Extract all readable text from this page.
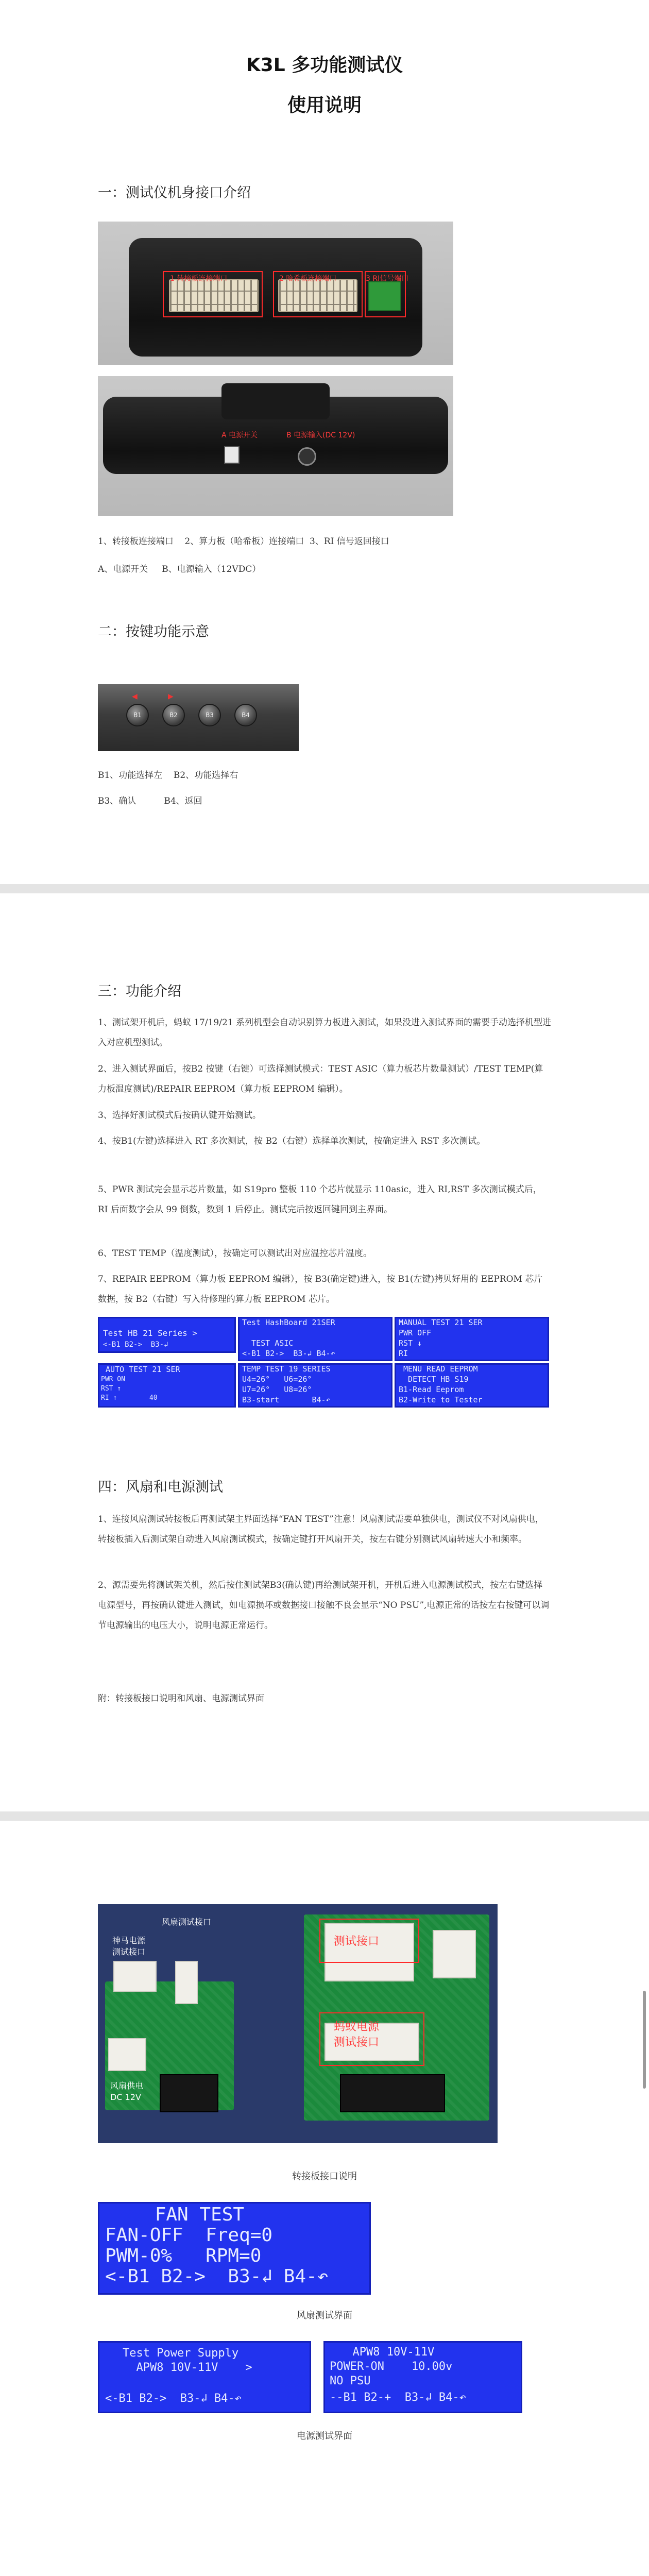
K3L 多功能测试仪
使用说明
一：测试仪机身接口介绍
1 转接板连接端口	2 哈希板连接端口	3 RI信号端口
A 电源开关	B 电源输入(DC 12V)
1、转接板连接端口    2、算力板（哈希板）连接端口  3、RI 信号返回接口
A、电源开关     B、电源输入（12VDC）
二：按键功能示意
◀	▶
B1	B2	B3	B4
B1、功能选择左    B2、功能选择右
B3、确认          B4、返回
三：功能介绍

1、测试架开机后，蚂蚁 17/19/21 系列机型会自动识别算力板进入测试，如果没进入测试界面的需要手动选择机型进入对应机型测试。

2、进入测试界面后，按B2 按键（右键）可选择测试模式：TEST ASIC（算力板芯片数量测试）/TEST TEMP(算力板温度测试)/REPAIR EEPROM（算力板 EEPROM 编辑）。

3、选择好测试模式后按确认键开始测试。

4、按B1(左键)选择进入 RT 多次测试，按 B2（右键）选择单次测试，按确定进入 RST 多次测试。

5、PWR 测试完会显示芯片数量，如 S19pro 整板 110 个芯片就显示 110asic，进入 RI,RST 多次测试模式后，RI 后面数字会从 99 倒数，数到 1 后停止。测试完后按返回键回到主界面。

6、TEST TEMP（温度测试），按确定可以测试出对应温控芯片温度。

7、REPAIR EEPROM（算力板 EEPROM 编辑），按 B3(确定键)进入，按 B1(左键)拷贝好用的 EEPROM 芯片数据，按 B2（右键）写入待修理的算力板 EEPROM 芯片。

Test HB 21 Series >
<-B1 B2->  B3-↲
Test HashBoard 21SER
TEST ASIC
<-B1 B2->  B3-↲ B4-↶
MANUAL TEST 21 SER
PWR OFF
RST ↓
RI
AUTO TEST 21 SER
PWR ON
RST ↑
RI ↑        40
TEMP TEST 19 SERIES
U4=26°   U6=26°
U7=26°   U8=26°
B3-start       B4-↶
MENU READ EEPROM
DETECT HB S19
B1-Read Eeprom
B2-Write to Tester
四：风扇和电源测试

1、连接风扇测试转接板后再测试架主界面选择“FAN TEST”注意！风扇测试需要单独供电，测试仪不对风扇供电，转接板插入后测试架自动进入风扇测试模式，按确定键打开风扇开关，按左右键分别测试风扇转速大小和频率。

2、源需要先将测试架关机，然后按住测试架B3(确认键)再给测试架开机，开机后进入电源测试模式，按左右键选择电源型号，再按确认键进入测试，如电源损坏或数据接口接触不良会显示“NO PSU”,电源正常的话按左右按键可以调节电源输出的电压大小，说明电源正常运行。

附：转接板接口说明和风扇、电源测试界面
神马电源
测试接口
风扇测试接口
风扇供电
DC 12V
测试接口
蚂蚁电源
测试接口
转接板接口说明
FAN TEST
FAN-OFF  Freq=0
PWM-0%   RPM=0
<-B1 B2->  B3-↲ B4-↶
风扇测试界面
Test Power Supply
APW8 10V-11V    >
<-B1 B2->  B3-↲ B4-↶
APW8 10V-11V
POWER-ON    10.00v
NO PSU
--B1 B2-+  B3-↲ B4-↶
电源测试界面
